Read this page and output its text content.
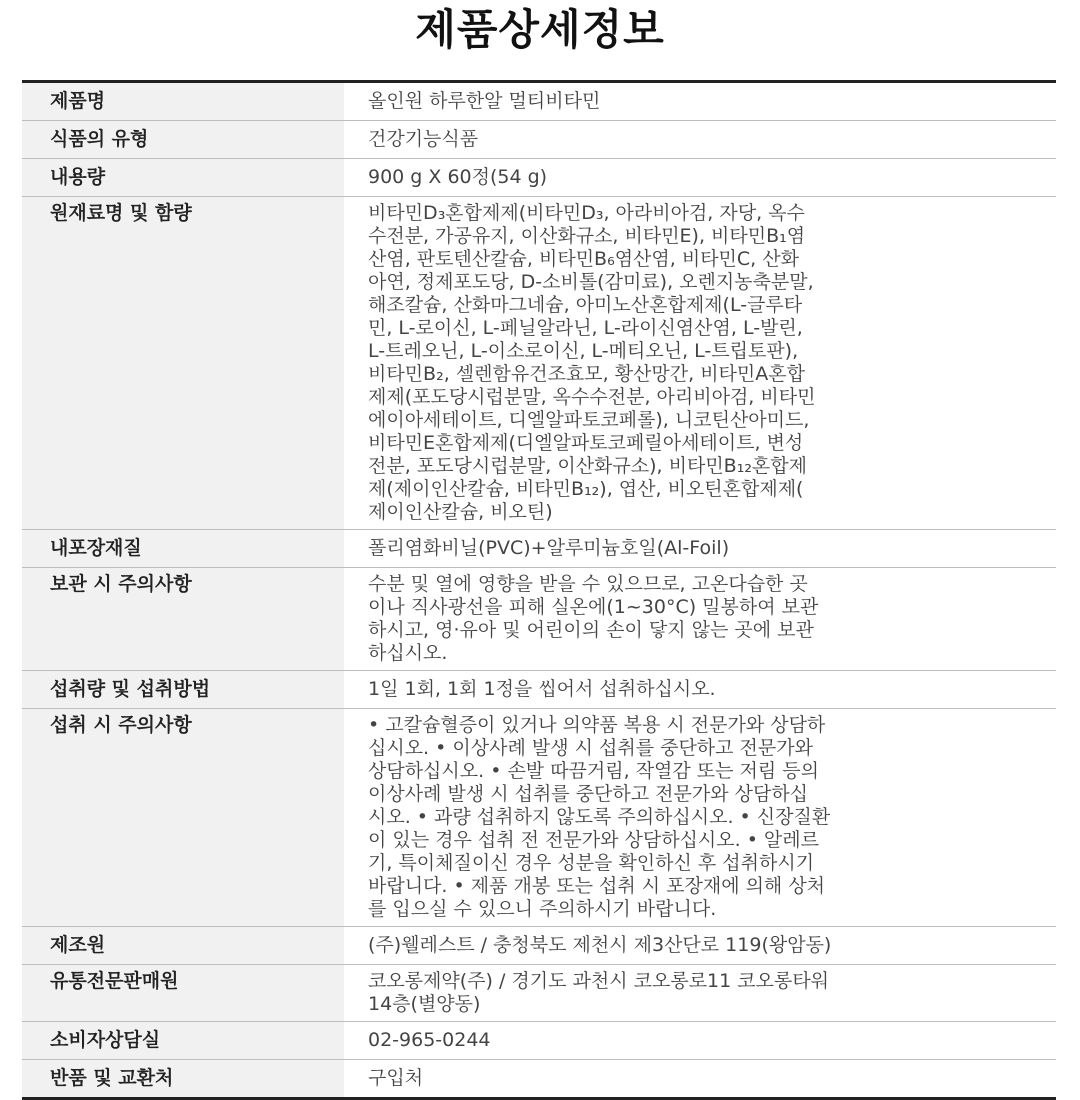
제품상세정보
제품명	올인원 하루한알 멀티비타민
식품의 유형	건강기능식품
내용량	900 g X 60정(54 g)
원재료명 및 함량	비타민D₃혼합제제(비타민D₃, 아라비아검, 자당, 옥수
수전분, 가공유지, 이산화규소, 비타민E), 비타민B₁염
산염, 판토텐산칼슘, 비타민B₆염산염, 비타민C, 산화
아연, 정제포도당, D-소비톨(감미료), 오렌지농축분말,
해조칼슘, 산화마그네슘, 아미노산혼합제제(L-글루타
민, L-로이신, L-페닐알라닌, L-라이신염산염, L-발린,
L-트레오닌, L-이소로이신, L-메티오닌, L-트립토판),
비타민B₂, 셀렌함유건조효모, 황산망간, 비타민A혼합
제제(포도당시럽분말, 옥수수전분, 아리비아검, 비타민
에이아세테이트, 디엘알파토코페롤), 니코틴산아미드,
비타민E혼합제제(디엘알파토코페릴아세테이트, 변성
전분, 포도당시럽분말, 이산화규소), 비타민B₁₂혼합제
제(제이인산칼슘, 비타민B₁₂), 엽산, 비오틴혼합제제(
제이인산칼슘, 비오틴)
내포장재질	폴리염화비닐(PVC)+알루미늄호일(Al-Foil)
보관 시 주의사항	수분 및 열에 영향을 받을 수 있으므로, 고온다습한 곳
이나 직사광선을 피해 실온에(1~30°C) 밀봉하여 보관
하시고, 영·유아 및 어린이의 손이 닿지 않는 곳에 보관
하십시오.
섭취량 및 섭취방법	1일 1회, 1회 1정을 씹어서 섭취하십시오.
섭취 시 주의사항	• 고칼슘혈증이 있거나 의약품 복용 시 전문가와 상담하
십시오. • 이상사례 발생 시 섭취를 중단하고 전문가와
상담하십시오. • 손발 따끔거림, 작열감 또는 저림 등의
이상사례 발생 시 섭취를 중단하고 전문가와 상담하십
시오. • 과량 섭취하지 않도록 주의하십시오. • 신장질환
이 있는 경우 섭취 전 전문가와 상담하십시오. • 알레르
기, 특이체질이신 경우 성분을 확인하신 후 섭취하시기
바랍니다. • 제품 개봉 또는 섭취 시 포장재에 의해 상처
를 입으실 수 있으니 주의하시기 바랍니다.
제조원	(주)웰레스트 / 충청북도 제천시 제3산단로 119(왕암동)
유통전문판매원	코오롱제약(주) / 경기도 과천시 코오롱로11 코오롱타워
14층(별양동)
소비자상담실	02-965-0244
반품 및 교환처	구입처
